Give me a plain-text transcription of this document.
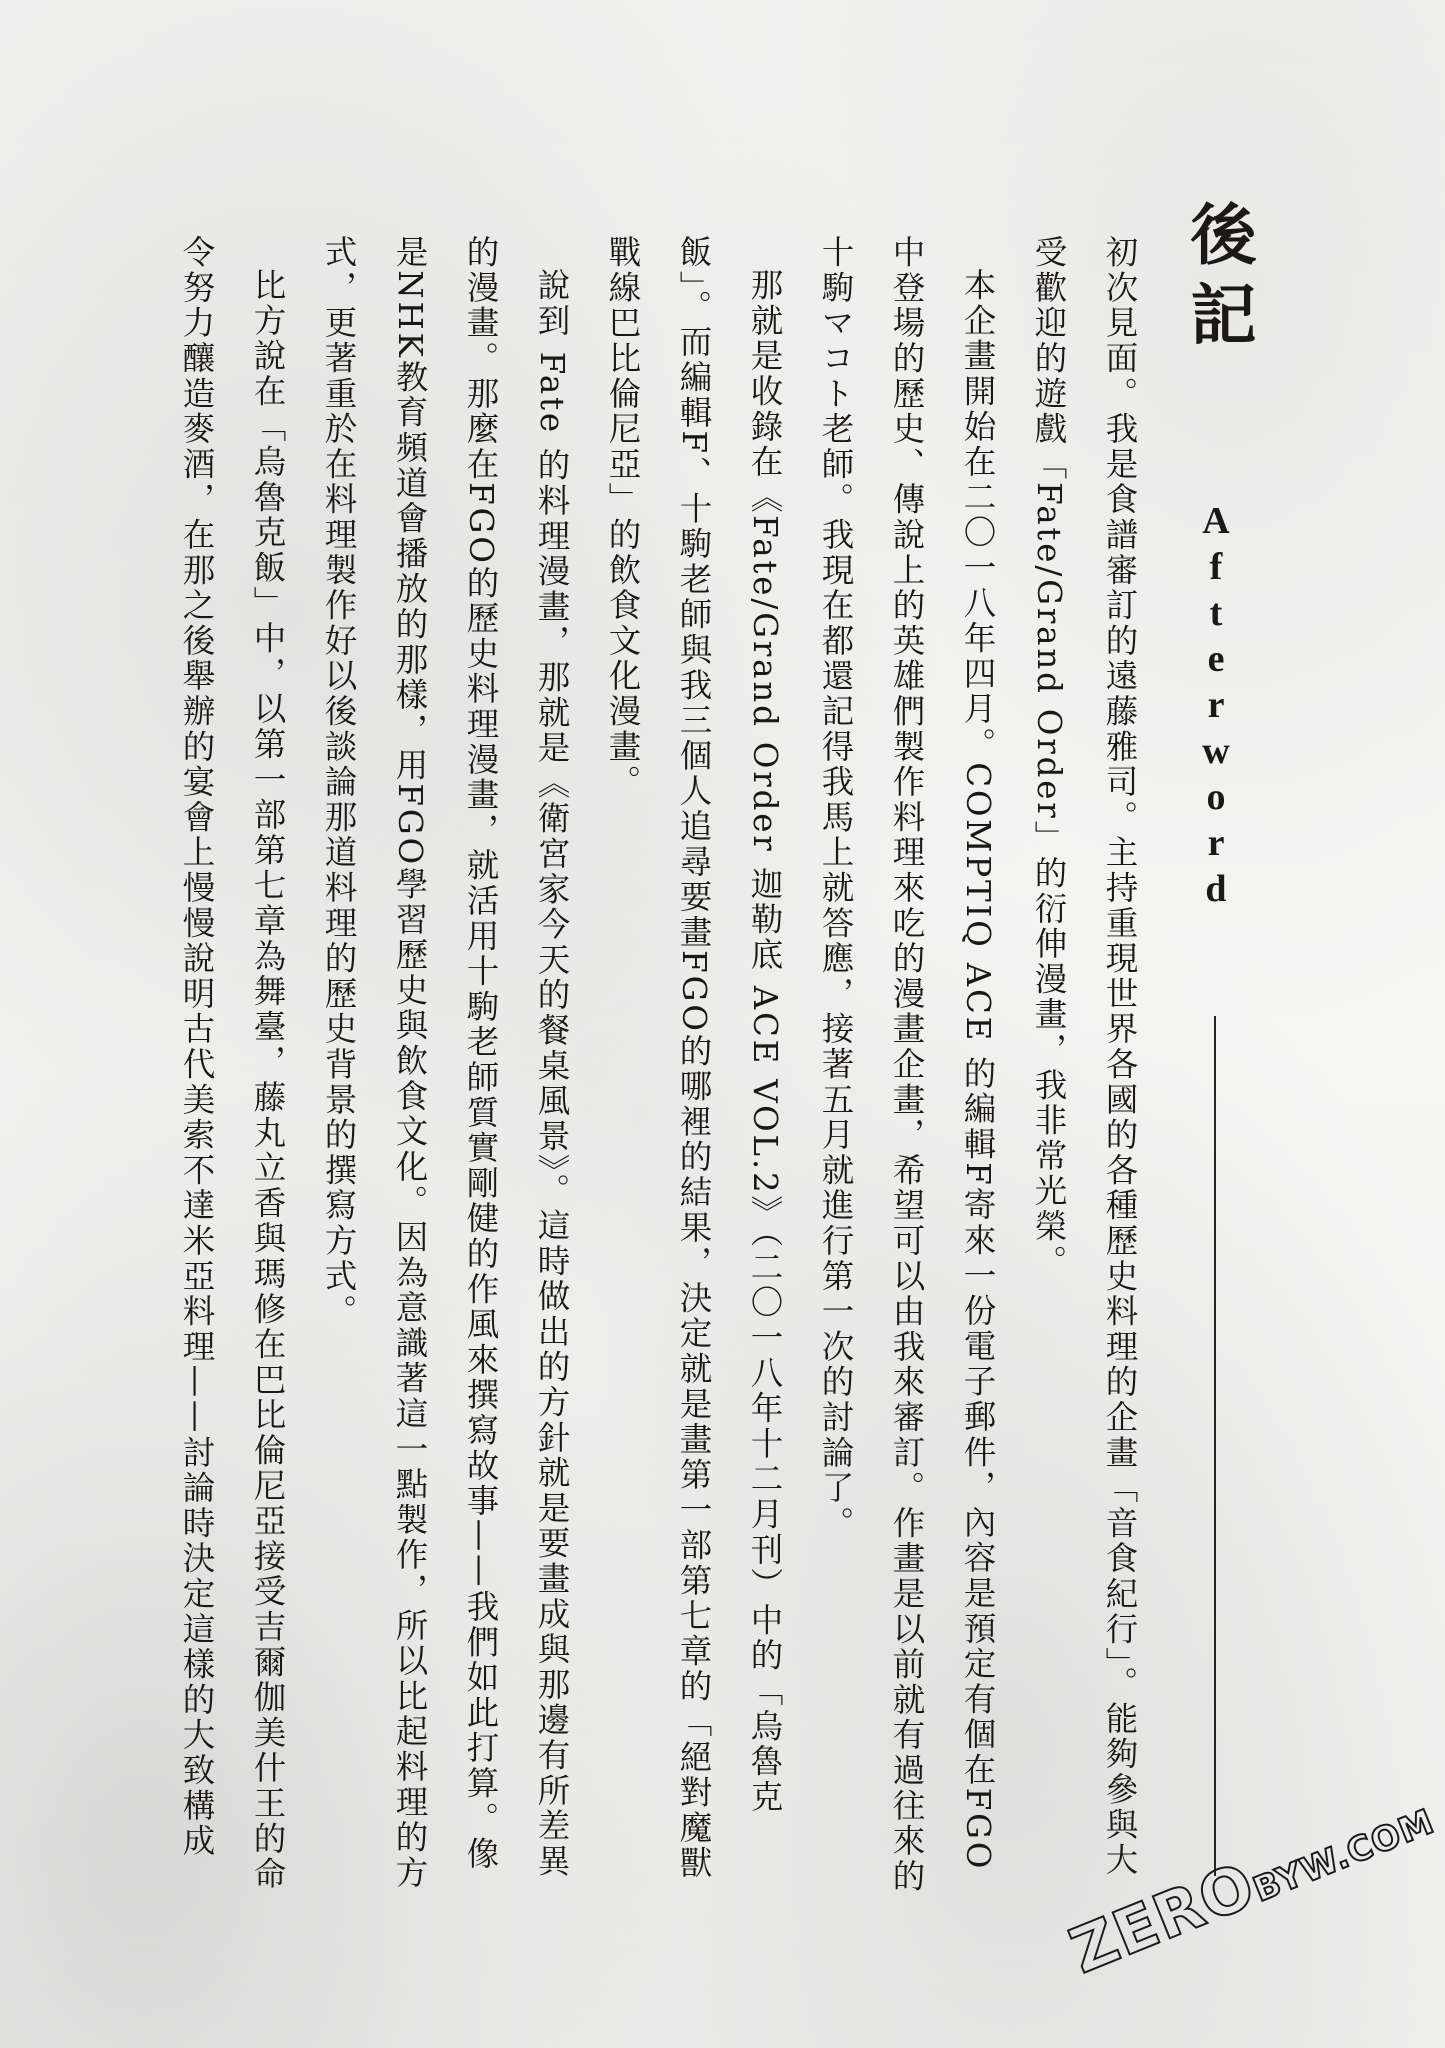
後記
A
f
t
e
r
w
o
r
d

初次見面。我是食譜審訂的遠藤雅司。主持重現世界各國的各種歷史料理的企畫「音食紀行」。能夠參與大受歡迎的遊戲「Fate/Grand Order」的衍伸漫畫，我非常光榮。

本企畫開始在二〇一八年四月。COMPTIQ ACE 的編輯F寄來一份電子郵件，內容是預定有個在FGO中登場的歷史、傳說上的英雄們製作料理來吃的漫畫企畫，希望可以由我來審訂。作畫是以前就有過往來的十駒マコト老師。我現在都還記得我馬上就答應，接著五月就進行第一次的討論了。

那就是收錄在《Fate/Grand Order 迦勒底 ACE VOL.2》（二〇一八年十二月刊）中的「烏魯克飯」。而編輯F、十駒老師與我三個人追尋要畫FGO的哪裡的結果，決定就是畫第一部第七章的「絕對魔獸戰線巴比倫尼亞」的飲食文化漫畫。

說到 Fate 的料理漫畫，那就是《衛宮家今天的餐桌風景》。這時做出的方針就是要畫成與那邊有所差異的漫畫。那麼在FGO的歷史料理漫畫，就活用十駒老師質實剛健的作風來撰寫故事——我們如此打算。像是NHK教育頻道會播放的那樣，用FGO學習歷史與飲食文化。因為意識著這一點製作，所以比起料理的方式，更著重於在料理製作好以後談論那道料理的歷史背景的撰寫方式。

比方說在「烏魯克飯」中，以第一部第七章為舞臺，藤丸立香與瑪修在巴比倫尼亞接受吉爾伽美什王的命令努力釀造麥酒，在那之後舉辦的宴會上慢慢說明古代美索不達米亞料理——討論時決定這樣的大致構成

ZEROBYW.COM
